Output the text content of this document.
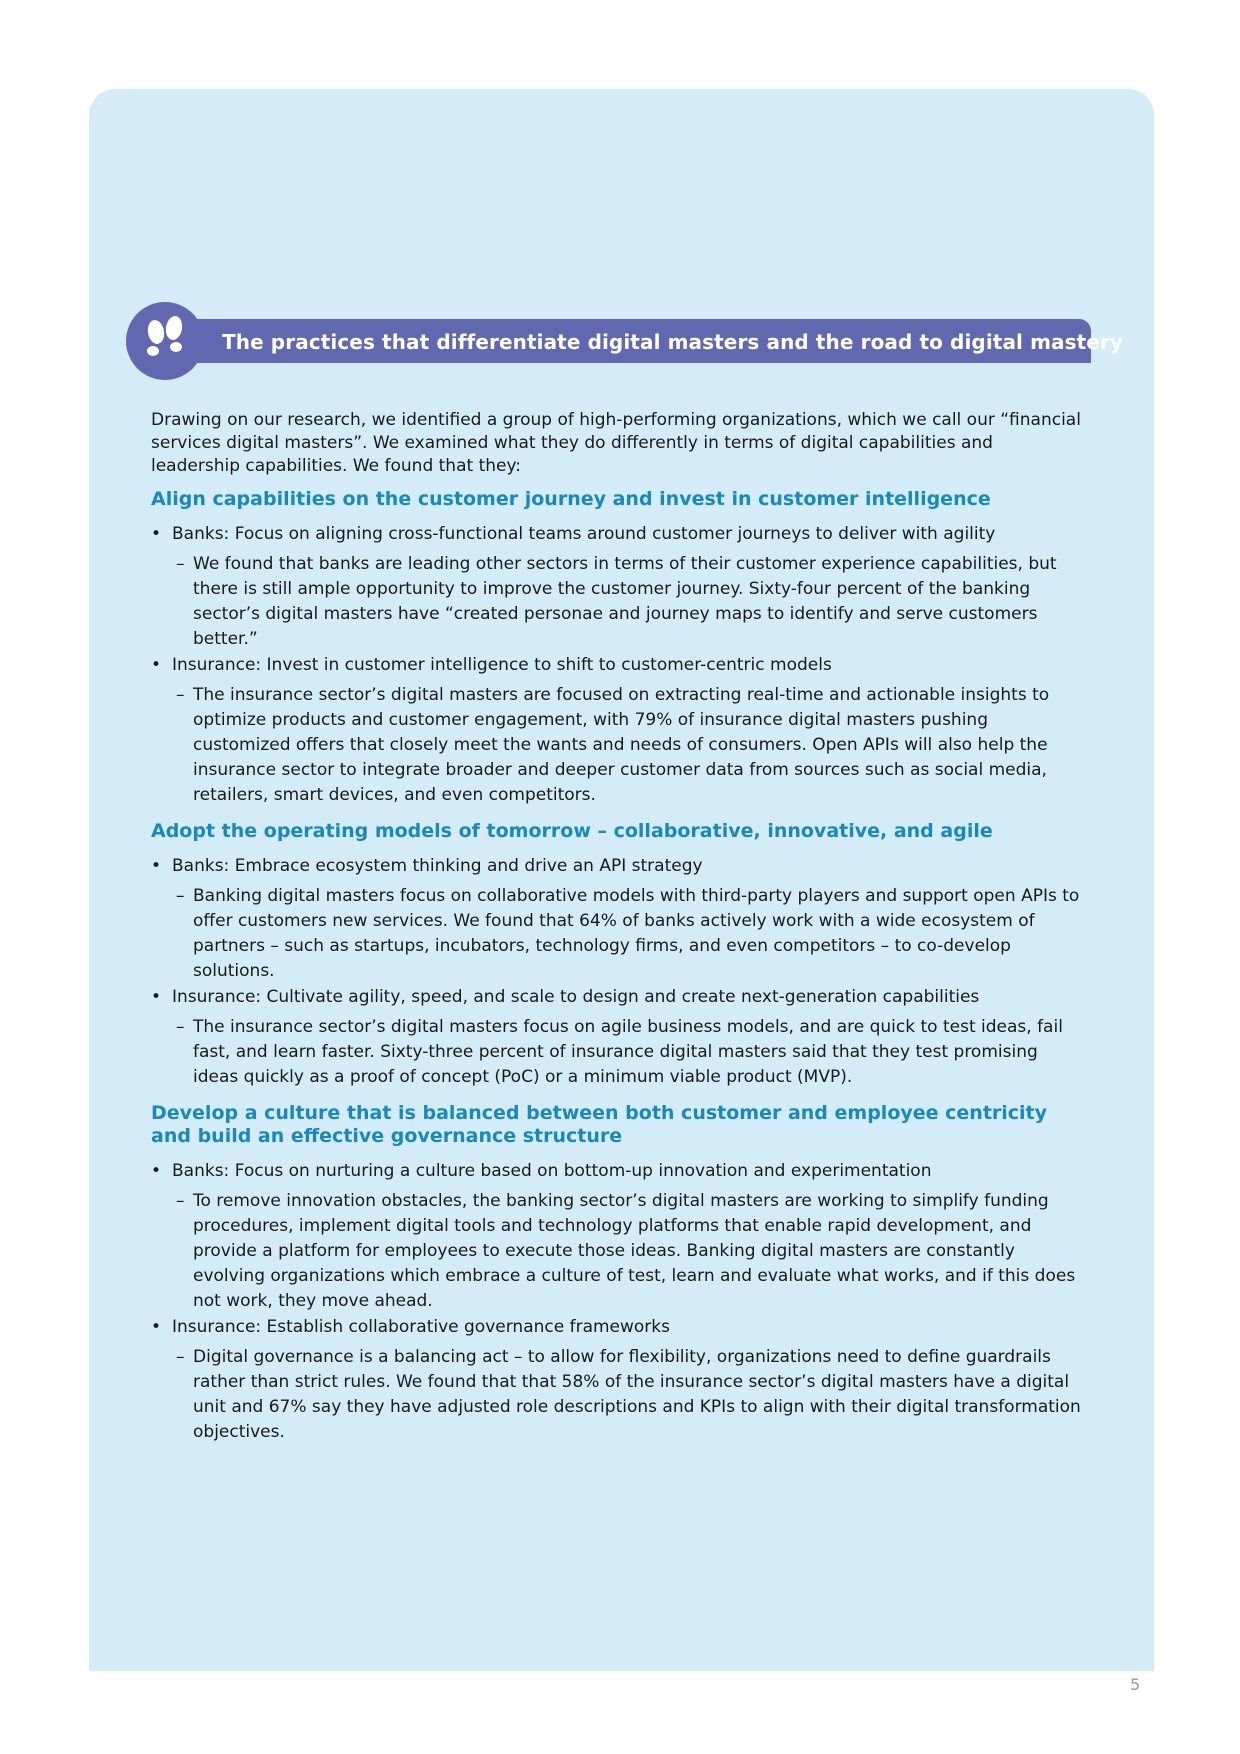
The practices that differentiate digital masters and the road to digital mastery

Drawing on our research, we identified a group of high-performing organizations, which we call our “financial services digital masters”. We examined what they do differently in terms of digital capabilities and leadership capabilities. We found that they:

Align capabilities on the customer journey and invest in customer intelligence
• Banks: Focus on aligning cross-functional teams around customer journeys to deliver with agility
– We found that banks are leading other sectors in terms of their customer experience capabilities, but there is still ample opportunity to improve the customer journey. Sixty-four percent of the banking sector’s digital masters have “created personae and journey maps to identify and serve customers better.”
• Insurance: Invest in customer intelligence to shift to customer-centric models
– The insurance sector’s digital masters are focused on extracting real-time and actionable insights to optimize products and customer engagement, with 79% of insurance digital masters pushing customized offers that closely meet the wants and needs of consumers. Open APIs will also help the insurance sector to integrate broader and deeper customer data from sources such as social media, retailers, smart devices, and even competitors.
Adopt the operating models of tomorrow – collaborative, innovative, and agile
• Banks: Embrace ecosystem thinking and drive an API strategy
– Banking digital masters focus on collaborative models with third-party players and support open APIs to offer customers new services. We found that 64% of banks actively work with a wide ecosystem of partners – such as startups, incubators, technology firms, and even competitors – to co-develop solutions.
• Insurance: Cultivate agility, speed, and scale to design and create next-generation capabilities
– The insurance sector’s digital masters focus on agile business models, and are quick to test ideas, fail fast, and learn faster. Sixty-three percent of insurance digital masters said that they test promising ideas quickly as a proof of concept (PoC) or a minimum viable product (MVP).
Develop a culture that is balanced between both customer and employee centricity and build an effective governance structure
• Banks: Focus on nurturing a culture based on bottom-up innovation and experimentation
– To remove innovation obstacles, the banking sector’s digital masters are working to simplify funding procedures, implement digital tools and technology platforms that enable rapid development, and provide a platform for employees to execute those ideas. Banking digital masters are constantly evolving organizations which embrace a culture of test, learn and evaluate what works, and if this does not work, they move ahead.
• Insurance: Establish collaborative governance frameworks
– Digital governance is a balancing act – to allow for flexibility, organizations need to define guardrails rather than strict rules. We found that that 58% of the insurance sector’s digital masters have a digital unit and 67% say they have adjusted role descriptions and KPIs to align with their digital transformation objectives.
5
